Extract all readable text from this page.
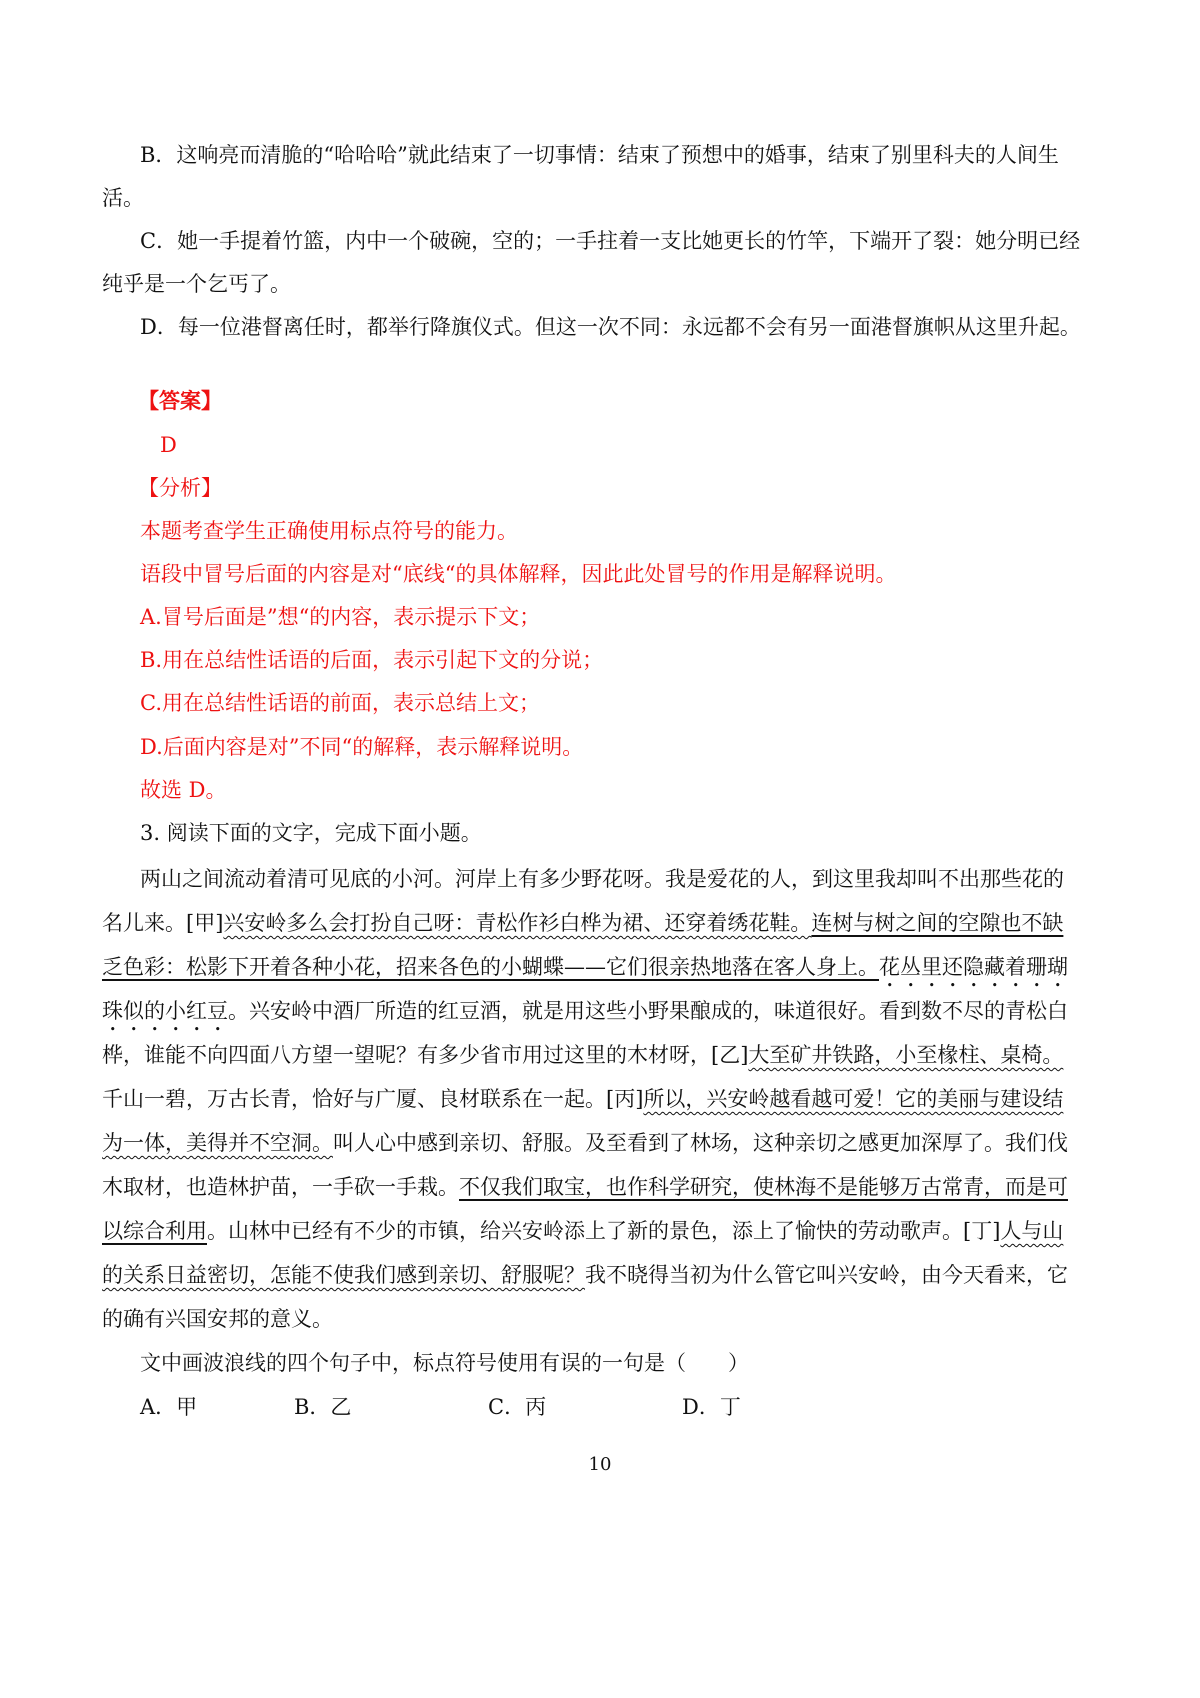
B．这响亮而清脆的“哈哈哈”就此结束了一切事情：结束了预想中的婚事，结束了别里科夫的人间生

活。

C．她一手提着竹篮，内中一个破碗，空的；一手拄着一支比她更长的竹竿，下端开了裂：她分明已经

纯乎是一个乞丐了。

D．每一位港督离任时，都举行降旗仪式。但这一次不同：永远都不会有另一面港督旗帜从这里升起。

【答案】

D

【分析】

本题考查学生正确使用标点符号的能力。

语段中冒号后面的内容是对“底线“的具体解释，因此此处冒号的作用是解释说明。

A.冒号后面是”想“的内容，表示提示下文；

B.用在总结性话语的后面，表示引起下文的分说；

C.用在总结性话语的前面，表示总结上文；

D.后面内容是对”不同“的解释，表示解释说明。

故选 D。

3. 阅读下面的文字，完成下面小题。

两山之间流动着清可见底的小河。河岸上有多少野花呀。我是爱花的人，到这里我却叫不出那些花的

名儿来。[甲]兴安岭多么会打扮自己呀：青松作衫白桦为裙、还穿着绣花鞋。连树与树之间的空隙也不缺

乏色彩：松影下开着各种小花，招来各色的小蝴蝶——它们很亲热地落在客人身上。花丛里还隐藏着珊瑚

珠似的小红豆。兴安岭中酒厂所造的红豆酒，就是用这些小野果酿成的，味道很好。看到数不尽的青松白

桦，谁能不向四面八方望一望呢？有多少省市用过这里的木材呀，[乙]大至矿井铁路，小至椽柱、桌椅。

千山一碧，万古长青，恰好与广厦、良材联系在一起。[丙]所以，兴安岭越看越可爱！它的美丽与建设结

为一体，美得并不空洞。叫人心中感到亲切、舒服。及至看到了林场，这种亲切之感更加深厚了。我们伐

木取材，也造林护苗，一手砍一手栽。不仅我们取宝，也作科学研究，使林海不是能够万古常青，而是可

以综合利用。山林中已经有不少的市镇，给兴安岭添上了新的景色，添上了愉快的劳动歌声。[丁]人与山

的关系日益密切，怎能不使我们感到亲切、舒服呢？我不晓得当初为什么管它叫兴安岭，由今天看来，它

的确有兴国安邦的意义。

文中画波浪线的四个句子中，标点符号使用有误的一句是（　　）

A．甲	B．乙	C．丙	D．丁
10
